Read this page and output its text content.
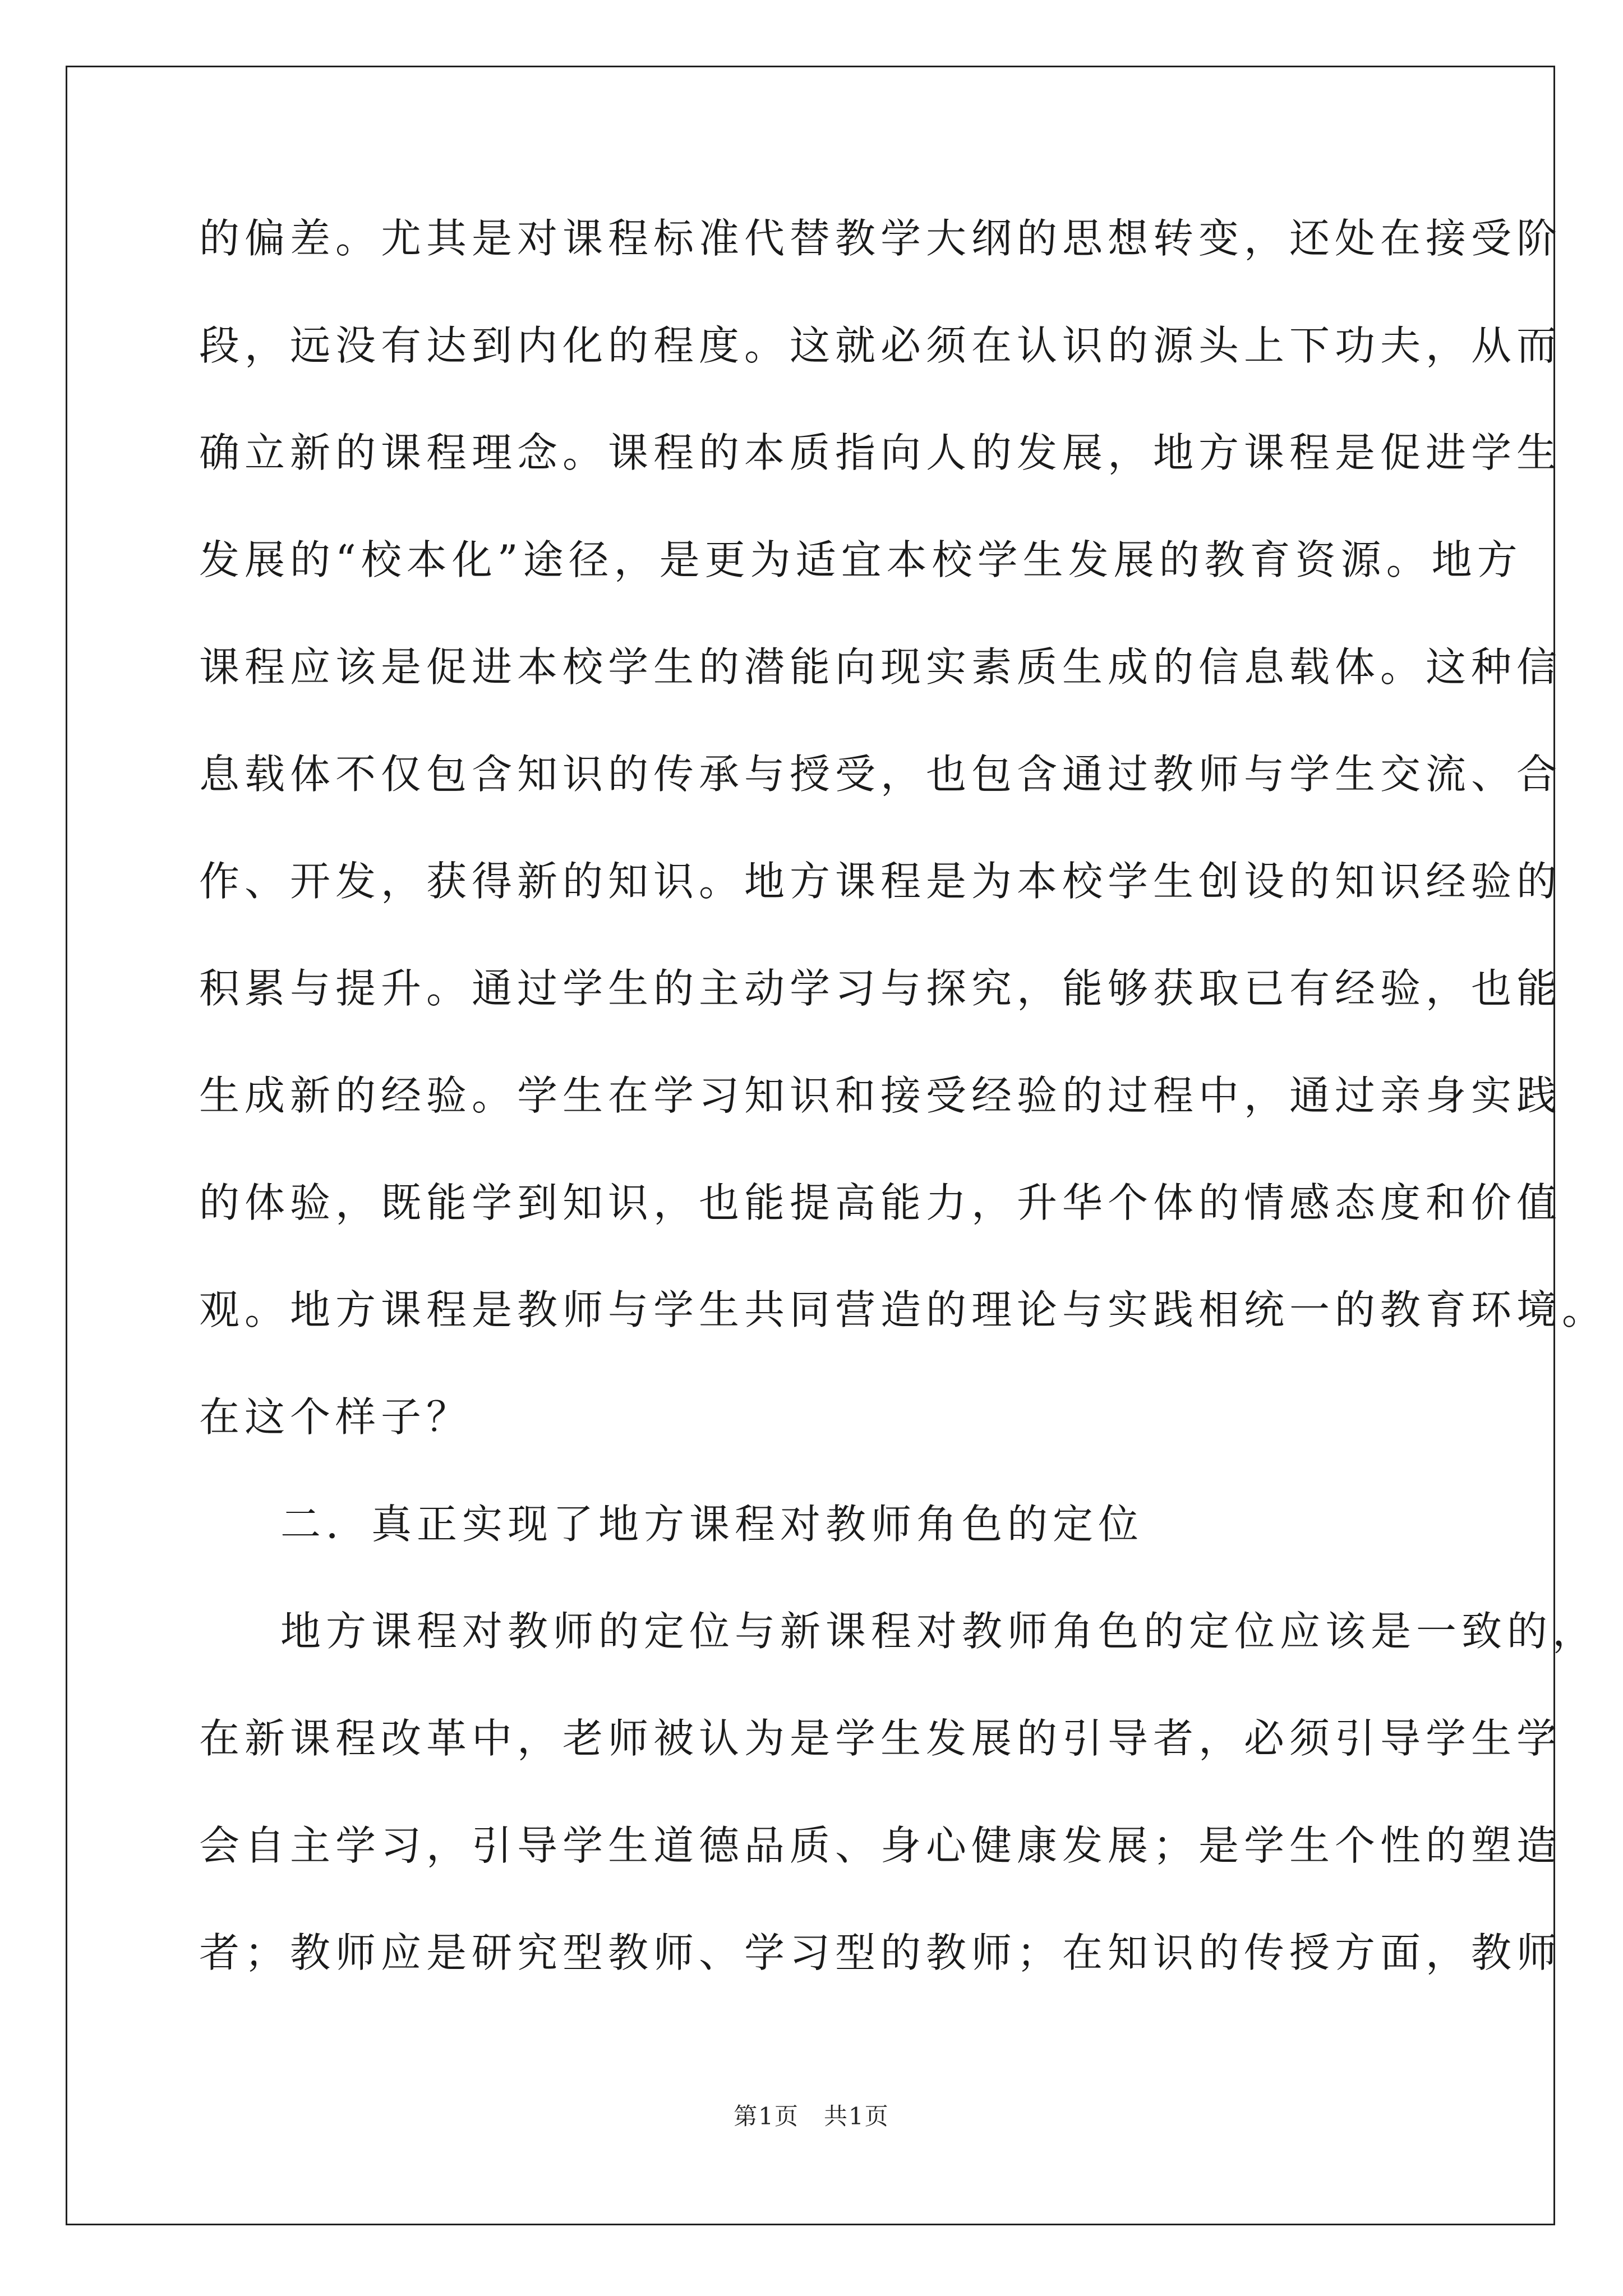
的偏差。尤其是对课程标准代替教学大纲的思想转变，还处在接受阶

段，远没有达到内化的程度。这就必须在认识的源头上下功夫，从而

确立新的课程理念。课程的本质指向人的发展，地方课程是促进学生

发展的“校本化”途径，是更为适宜本校学生发展的教育资源。地方

课程应该是促进本校学生的潜能向现实素质生成的信息载体。这种信

息载体不仅包含知识的传承与授受，也包含通过教师与学生交流、合

作、开发，获得新的知识。地方课程是为本校学生创设的知识经验的

积累与提升。通过学生的主动学习与探究，能够获取已有经验，也能

生成新的经验。学生在学习知识和接受经验的过程中，通过亲身实践

的体验，既能学到知识，也能提高能力，升华个体的情感态度和价值

观。地方课程是教师与学生共同营造的理论与实践相统一的教育环境。

在这个样子？

二．真正实现了地方课程对教师角色的定位

地方课程对教师的定位与新课程对教师角色的定位应该是一致的，

在新课程改革中，老师被认为是学生发展的引导者，必须引导学生学

会自主学习，引导学生道德品质、身心健康发展；是学生个性的塑造

者；教师应是研究型教师、学习型的教师；在知识的传授方面，教师

第1页 共1页
